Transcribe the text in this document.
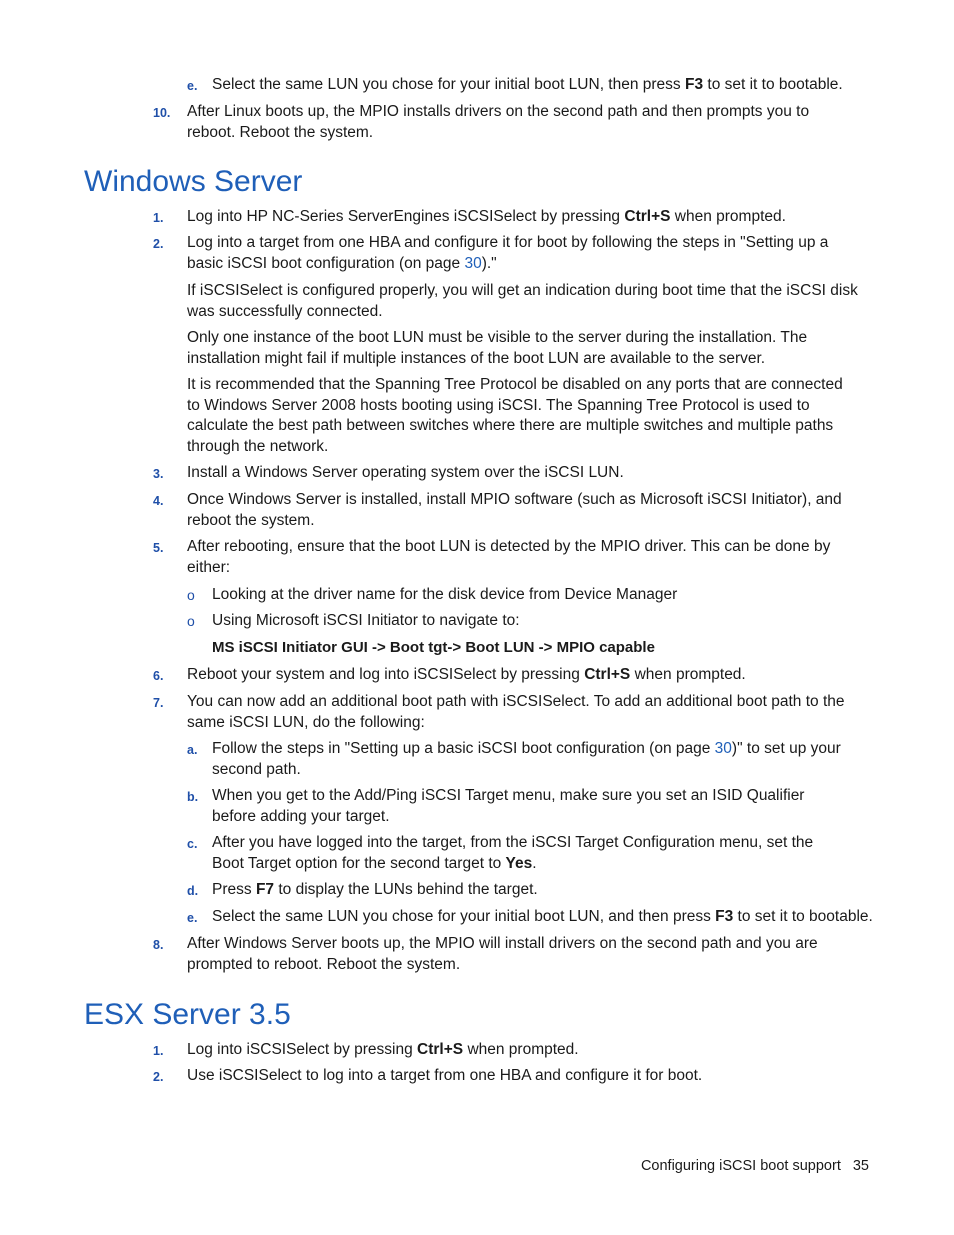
e. Select the same LUN you chose for your initial boot LUN, then press F3 to set it to bootable.
10. After Linux boots up, the MPIO installs drivers on the second path and then prompts you to reboot. Reboot the system.
Windows Server
1. Log into HP NC-Series ServerEngines iSCSISelect by pressing Ctrl+S when prompted.
2. Log into a target from one HBA and configure it for boot by following the steps in "Setting up a basic iSCSI boot configuration (on page 30)."
If iSCSISelect is configured properly, you will get an indication during boot time that the iSCSI disk was successfully connected.
Only one instance of the boot LUN must be visible to the server during the installation. The installation might fail if multiple instances of the boot LUN are available to the server.
It is recommended that the Spanning Tree Protocol be disabled on any ports that are connected to Windows Server 2008 hosts booting using iSCSI. The Spanning Tree Protocol is used to calculate the best path between switches where there are multiple switches and multiple paths through the network.
3. Install a Windows Server operating system over the iSCSI LUN.
4. Once Windows Server is installed, install MPIO software (such as Microsoft iSCSI Initiator), and reboot the system.
5. After rebooting, ensure that the boot LUN is detected by the MPIO driver. This can be done by either:
o Looking at the driver name for the disk device from Device Manager
o Using Microsoft iSCSI Initiator to navigate to:
MS iSCSI Initiator GUI -> Boot tgt-> Boot LUN -> MPIO capable
6. Reboot your system and log into iSCSISelect by pressing Ctrl+S when prompted.
7. You can now add an additional boot path with iSCSISelect. To add an additional boot path to the same iSCSI LUN, do the following:
a. Follow the steps in "Setting up a basic iSCSI boot configuration (on page 30)" to set up your second path.
b. When you get to the Add/Ping iSCSI Target menu, make sure you set an ISID Qualifier before adding your target.
c. After you have logged into the target, from the iSCSI Target Configuration menu, set the Boot Target option for the second target to Yes.
d. Press F7 to display the LUNs behind the target.
e. Select the same LUN you chose for your initial boot LUN, and then press F3 to set it to bootable.
8. After Windows Server boots up, the MPIO will install drivers on the second path and you are prompted to reboot. Reboot the system.
ESX Server 3.5
1. Log into iSCSISelect by pressing Ctrl+S when prompted.
2. Use iSCSISelect to log into a target from one HBA and configure it for boot.
Configuring iSCSI boot support 35
